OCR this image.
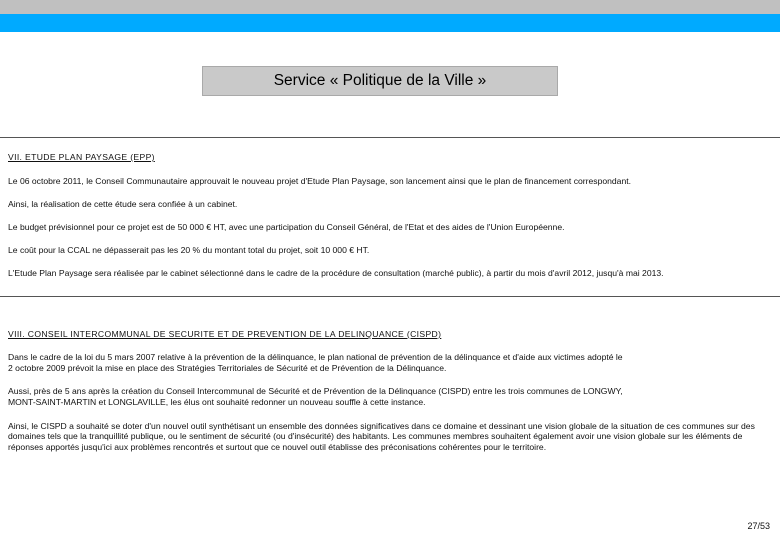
Service « Politique de la Ville »
VII. ETUDE PLAN PAYSAGE (EPP)
Le 06 octobre 2011, le Conseil Communautaire approuvait le nouveau projet d'Etude Plan Paysage, son lancement ainsi que le plan de financement correspondant.
Ainsi, la réalisation de cette étude sera confiée à un cabinet.
Le budget prévisionnel pour ce projet est de 50 000 € HT, avec une participation du Conseil Général, de l'Etat et des aides de l'Union Européenne.
Le coût pour la CCAL ne dépasserait pas les 20 % du montant total du projet, soit 10 000 € HT.
L'Etude Plan Paysage sera réalisée par le cabinet sélectionné dans le cadre de la procédure de consultation (marché public), à partir du mois d'avril 2012, jusqu'à mai 2013.
VIII. CONSEIL INTERCOMMUNAL DE SECURITE ET DE PREVENTION DE LA DELINQUANCE (CISPD)
Dans le cadre de la loi du 5 mars 2007 relative à la prévention de la délinquance, le plan national de prévention de la délinquance et d'aide aux victimes adopté le
2 octobre 2009 prévoit la mise en place des Stratégies Territoriales de Sécurité et de Prévention de la Délinquance.
Aussi, près de 5 ans après la création du Conseil Intercommunal de Sécurité et de Prévention de la Délinquance (CISPD) entre les trois communes de LONGWY,
MONT-SAINT-MARTIN et LONGLAVILLE, les élus ont souhaité redonner un nouveau souffle à cette instance.
Ainsi, le CISPD a souhaité se doter d'un nouvel outil synthétisant un ensemble des données significatives dans ce domaine et dessinant une vision globale de la situation de ces communes sur des domaines tels que la tranquillité publique, ou le sentiment de sécurité (ou d'insécurité) des habitants. Les communes membres souhaitent également avoir une vision globale sur les éléments de réponses apportés jusqu'ici aux problèmes rencontrés et surtout que ce nouvel outil établisse des préconisations cohérentes pour le territoire.
27/53
